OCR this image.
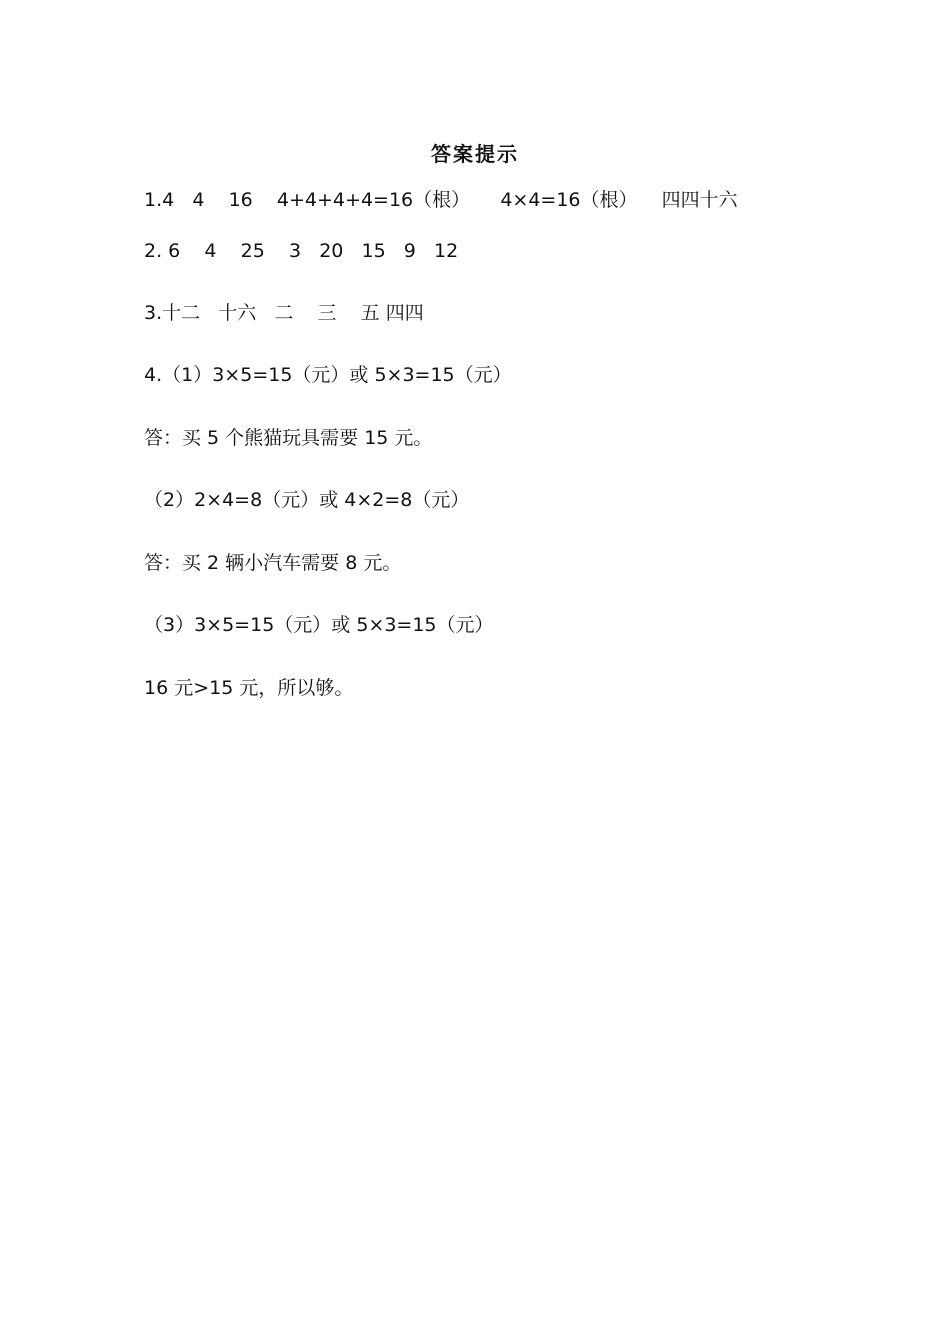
答案提示
1.4   4    16    4+4+4+4=16（根）     4×4=16（根）    四四十六
2. 6    4    25    3   20   15   9   12
3.十二   十六   二    三    五 四四
4.（1）3×5=15（元）或 5×3=15（元）
答：买 5 个熊猫玩具需要 15 元。
（2）2×4=8（元）或 4×2=8（元）
答：买 2 辆小汽车需要 8 元。
（3）3×5=15（元）或 5×3=15（元）
16 元>15 元，所以够。
